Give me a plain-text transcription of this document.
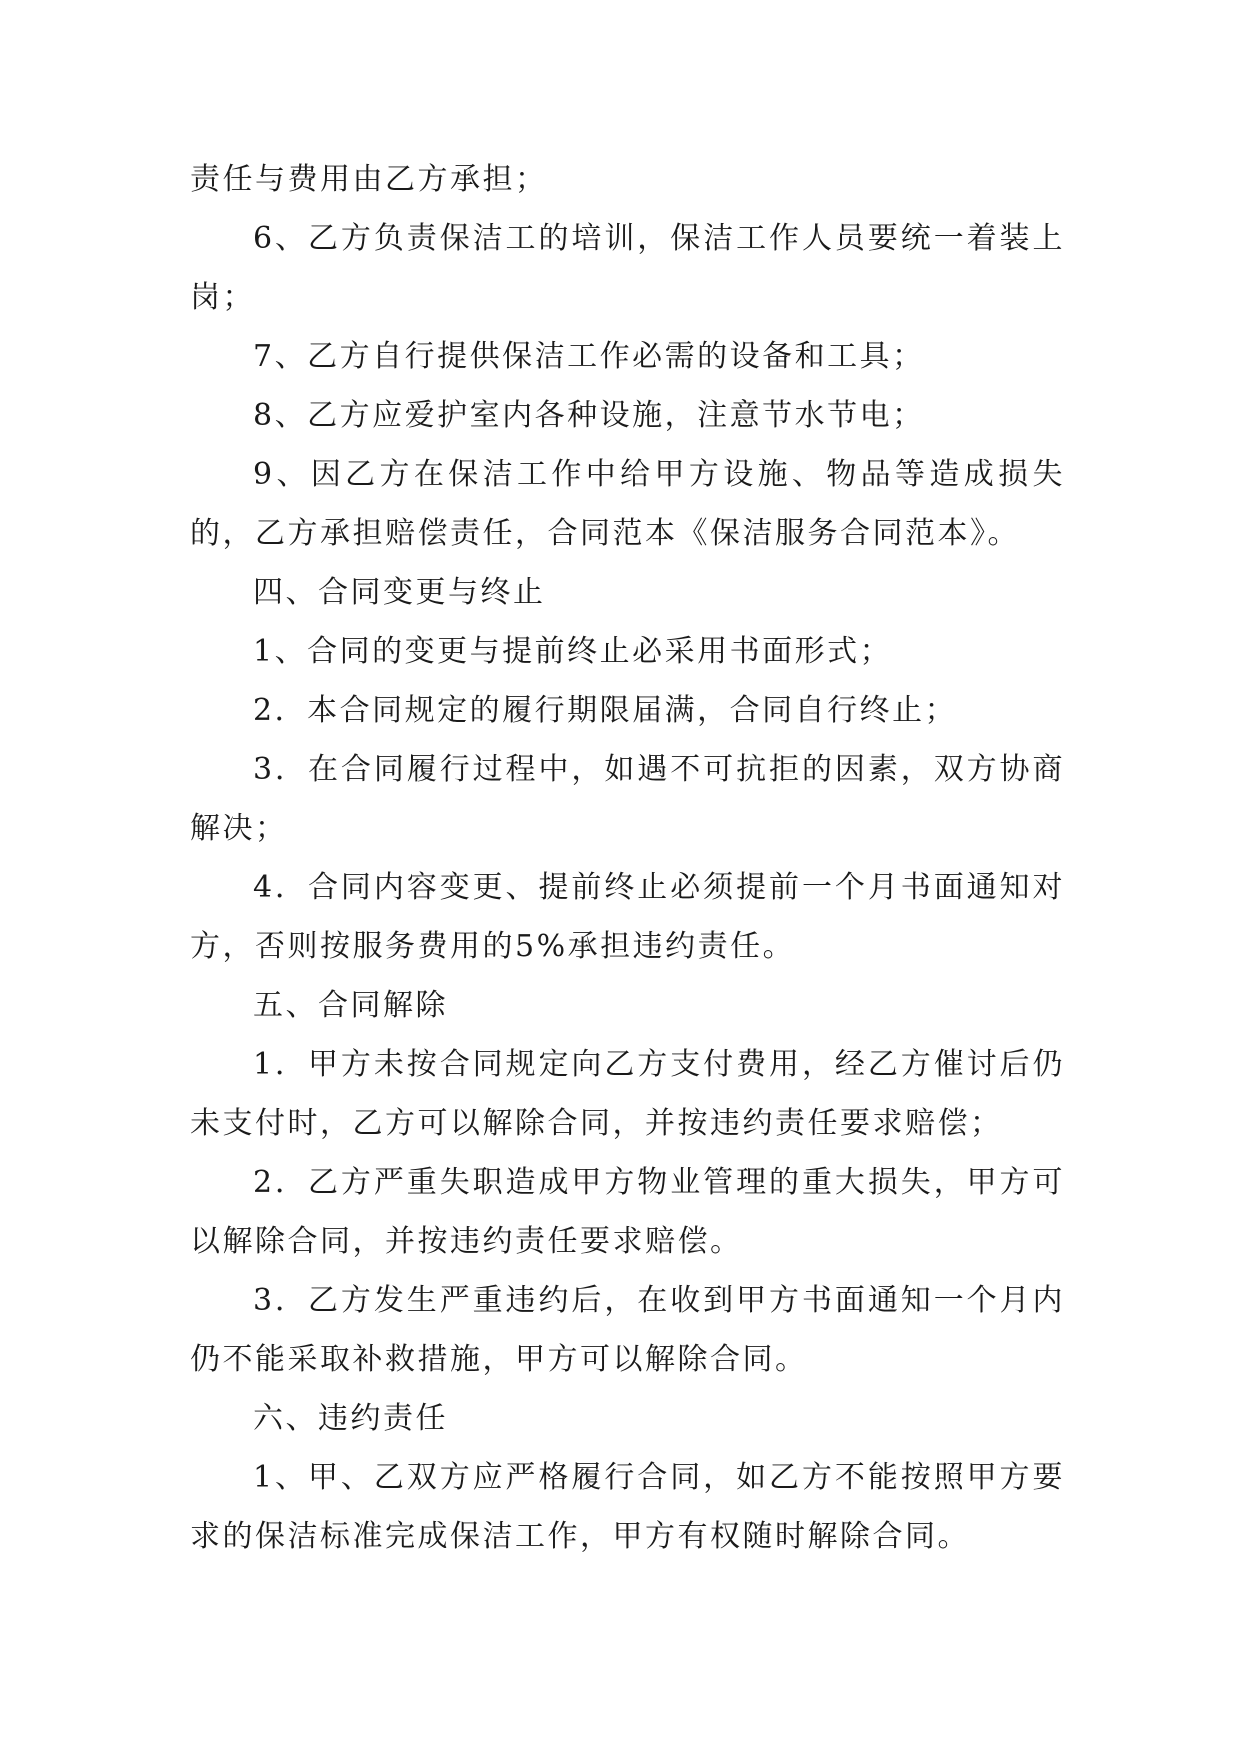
责任与费用由乙方承担；

6、乙方负责保洁工的培训，保洁工作人员要统一着装上岗；

7、乙方自行提供保洁工作必需的设备和工具；

8、乙方应爱护室内各种设施，注意节水节电；

9、因乙方在保洁工作中给甲方设施、物品等造成损失的，乙方承担赔偿责任，合同范本《保洁服务合同范本》。

四、合同变更与终止

1、合同的变更与提前终止必采用书面形式；

2．本合同规定的履行期限届满，合同自行终止；

3．在合同履行过程中，如遇不可抗拒的因素，双方协商解决；

4．合同内容变更、提前终止必须提前一个月书面通知对方，否则按服务费用的5%承担违约责任。

五、合同解除

1．甲方未按合同规定向乙方支付费用，经乙方催讨后仍未支付时，乙方可以解除合同，并按违约责任要求赔偿；

2．乙方严重失职造成甲方物业管理的重大损失，甲方可以解除合同，并按违约责任要求赔偿。

3．乙方发生严重违约后，在收到甲方书面通知一个月内仍不能采取补救措施，甲方可以解除合同。

六、违约责任

1、甲、乙双方应严格履行合同，如乙方不能按照甲方要求的保洁标准完成保洁工作，甲方有权随时解除合同。
